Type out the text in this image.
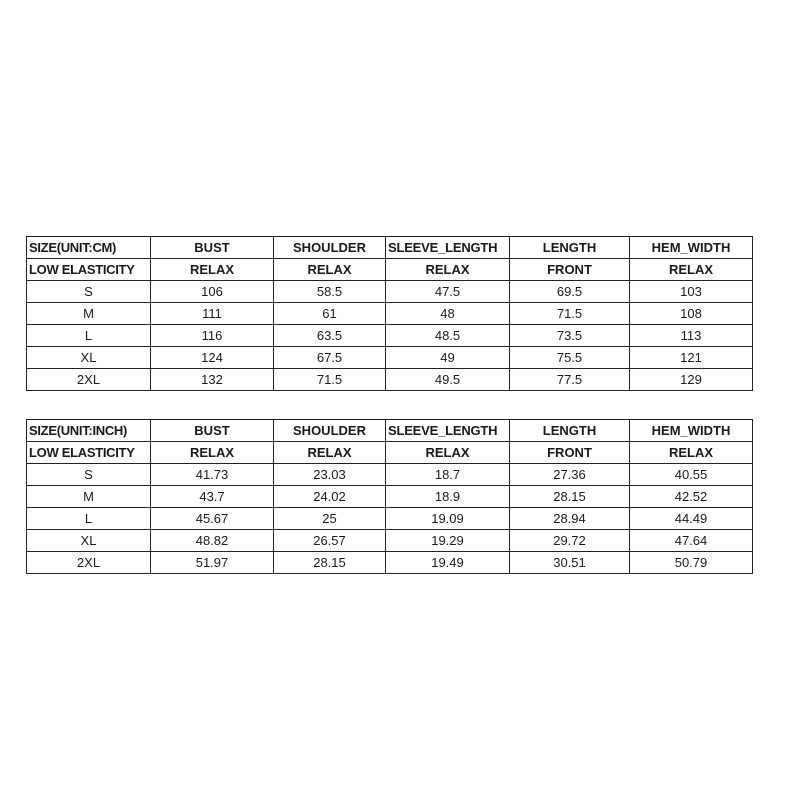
SIZE(UNIT:CM)	BUST	SHOULDER	SLEEVE_LENGTH	LENGTH	HEM_WIDTH
LOW ELASTICITY	RELAX	RELAX	RELAX	FRONT	RELAX
S	106	58.5	47.5	69.5	103
M	111	61	48	71.5	108
L	116	63.5	48.5	73.5	113
XL	124	67.5	49	75.5	121
2XL	132	71.5	49.5	77.5	129
SIZE(UNIT:INCH)	BUST	SHOULDER	SLEEVE_LENGTH	LENGTH	HEM_WIDTH
LOW ELASTICITY	RELAX	RELAX	RELAX	FRONT	RELAX
S	41.73	23.03	18.7	27.36	40.55
M	43.7	24.02	18.9	28.15	42.52
L	45.67	25	19.09	28.94	44.49
XL	48.82	26.57	19.29	29.72	47.64
2XL	51.97	28.15	19.49	30.51	50.79
